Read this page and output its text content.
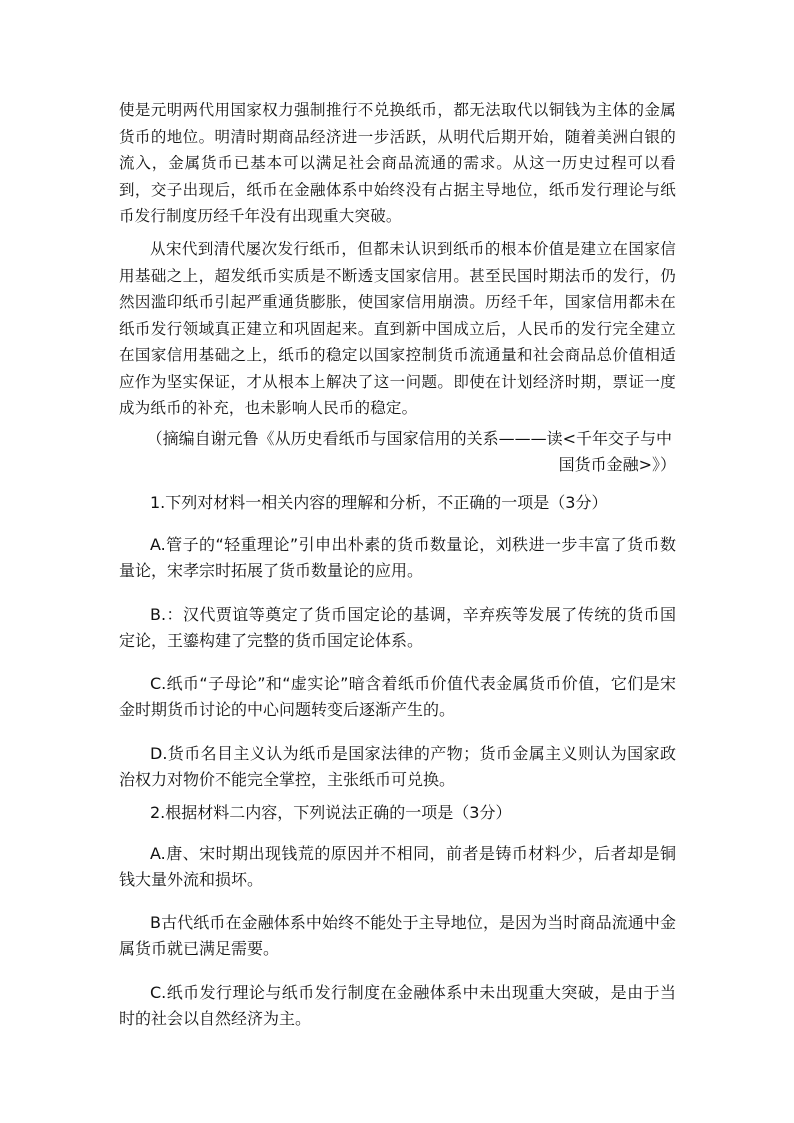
使是元明两代用国家权力强制推行不兑换纸币，都无法取代以铜钱为主体的金属货币的地位。明清时期商品经济进一步活跃，从明代后期开始，随着美洲白银的流入，金属货币已基本可以满足社会商品流通的需求。从这一历史过程可以看到，交子出现后，纸币在金融体系中始终没有占据主导地位，纸币发行理论与纸币发行制度历经千年没有出现重大突破。

从宋代到清代屡次发行纸币，但都未认识到纸币的根本价值是建立在国家信用基础之上，超发纸币实质是不断透支国家信用。甚至民国时期法币的发行，仍然因滥印纸币引起严重通货膨胀，使国家信用崩溃。历经千年，国家信用都未在纸币发行领域真正建立和巩固起来。直到新中国成立后，人民币的发行完全建立在国家信用基础之上，纸币的稳定以国家控制货币流通量和社会商品总价值相适应作为坚实保证，才从根本上解决了这一问题。即使在计划经济时期，票证一度成为纸币的补充，也未影响人民币的稳定。

（摘编自谢元鲁《从历史看纸币与国家信用的关系———读<千年交子与中
国货币金融>》）

1.下列对材料一相关内容的理解和分析，不正确的一项是（3分）

A.管子的“轻重理论”引申出朴素的货币数量论，刘秩进一步丰富了货币数量论，宋孝宗时拓展了货币数量论的应用。

B.：汉代贾谊等奠定了货币国定论的基调，辛弃疾等发展了传统的货币国定论，王鎏构建了完整的货币国定论体系。

C.纸币“子母论”和“虚实论”暗含着纸币价值代表金属货币价值，它们是宋金时期货币讨论的中心问题转变后逐渐产生的。

D.货币名目主义认为纸币是国家法律的产物；货币金属主义则认为国家政治权力对物价不能完全掌控，主张纸币可兑换。

2.根据材料二内容，下列说法正确的一项是（3分）

A.唐、宋时期出现钱荒的原因并不相同，前者是铸币材料少，后者却是铜钱大量外流和损坏。

B古代纸币在金融体系中始终不能处于主导地位，是因为当时商品流通中金属货币就已满足需要。

C.纸币发行理论与纸币发行制度在金融体系中未出现重大突破，是由于当时的社会以自然经济为主。
